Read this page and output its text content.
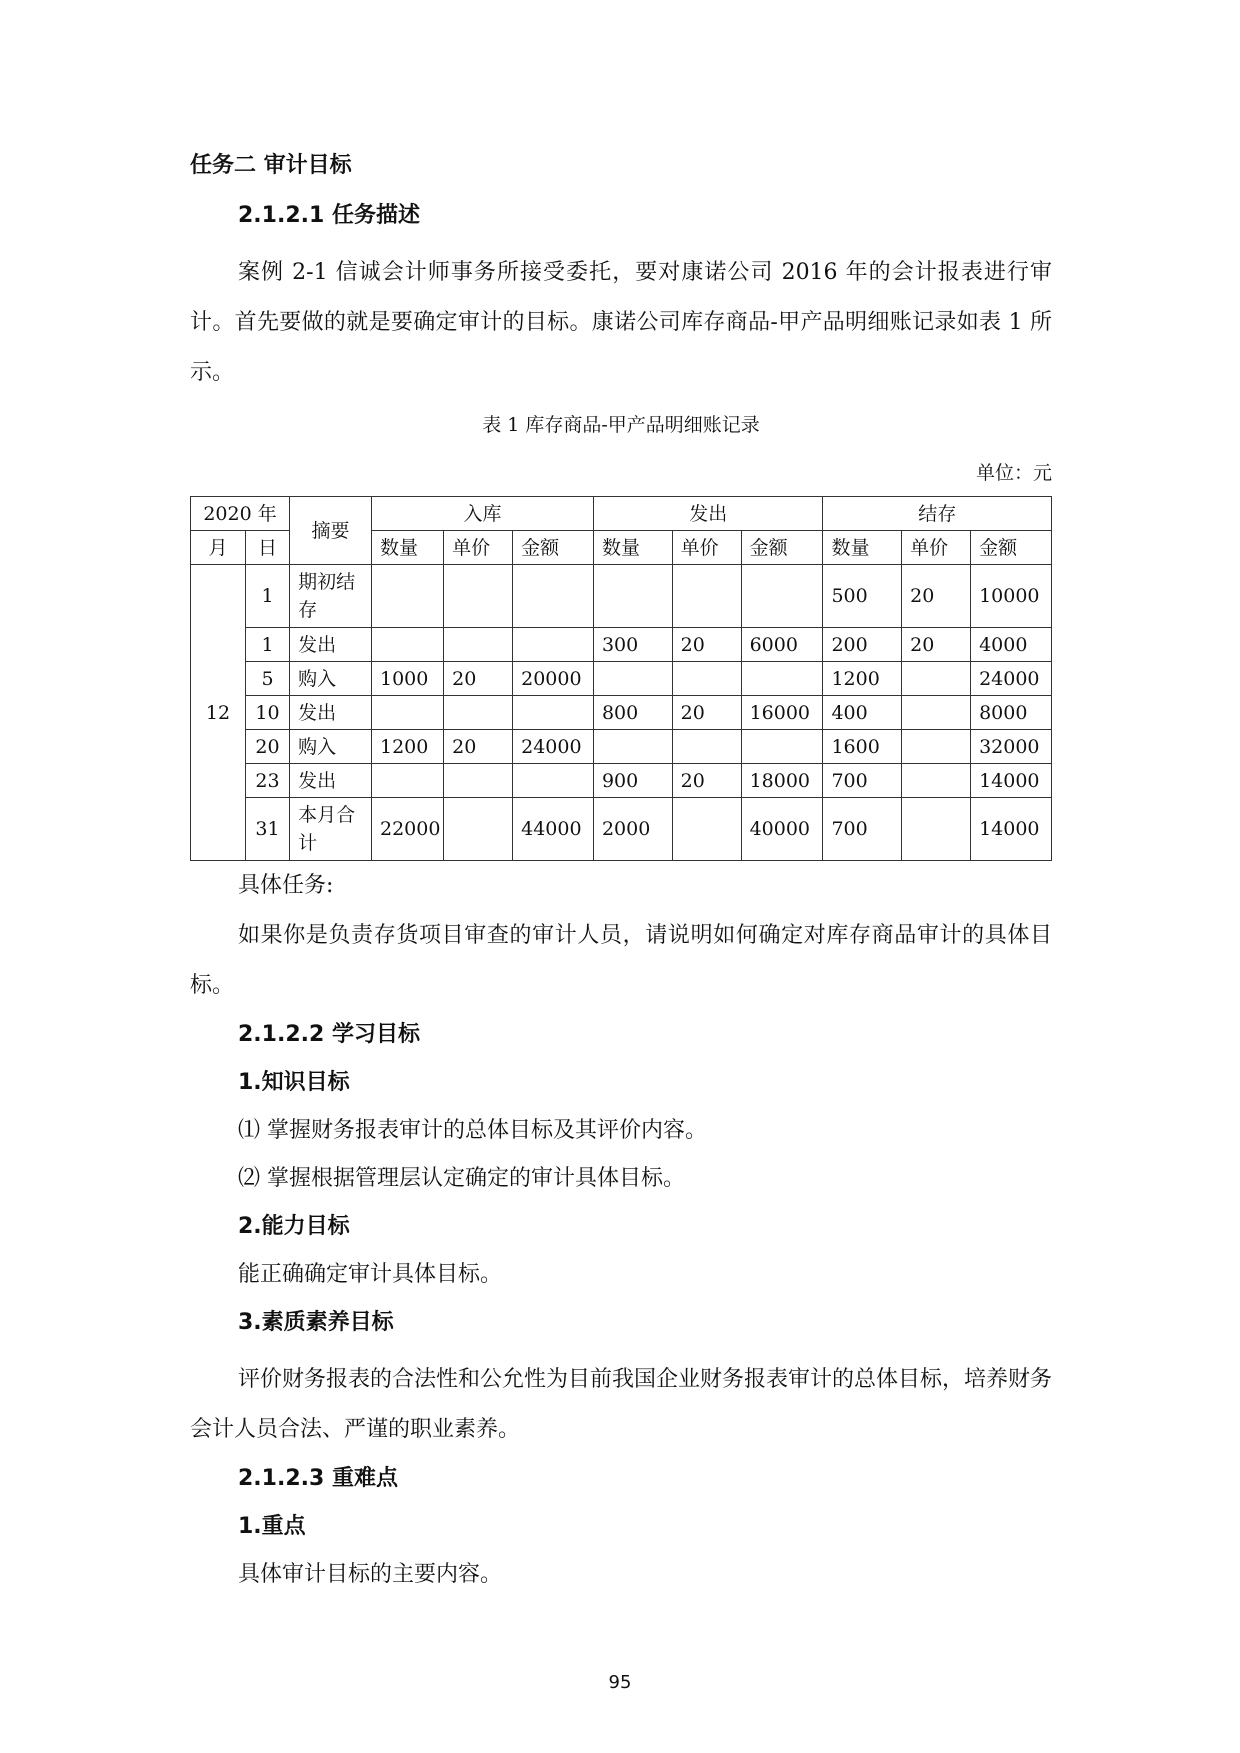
任务二 审计目标
2.1.2.1 任务描述

案例 2-1 信诚会计师事务所接受委托，要对康诺公司 2016 年的会计报表进行审计。首先要做的就是要确定审计的目标。康诺公司库存商品-甲产品明细账记录如表 1 所示。

表 1 库存商品-甲产品明细账记录
单位：元
2020 年		摘要	入库			发出			结存		
月	日		数量	单价	金额	数量	单价	金额	数量	单价	金额
12	1	期初结存							500	20	10000
	1	发出				300	20	6000	200	20	4000
	5	购入	1000	20	20000				1200		24000
	10	发出				800	20	16000	400		8000
	20	购入	1200	20	24000				1600		32000
	23	发出				900	20	18000	700		14000
	31	本月合计	22000		44000	2000		40000	700		14000

具体任务:

如果你是负责存货项目审查的审计人员，请说明如何确定对库存商品审计的具体目标。

2.1.2.2 学习目标
1.知识目标
⑴ 掌握财务报表审计的总体目标及其评价内容。
⑵ 掌握根据管理层认定确定的审计具体目标。
2.能力目标
能正确确定审计具体目标。
3.素质素养目标

评价财务报表的合法性和公允性为目前我国企业财务报表审计的总体目标，培养财务会计人员合法、严谨的职业素养。

2.1.2.3 重难点
1.重点
具体审计目标的主要内容。
95
